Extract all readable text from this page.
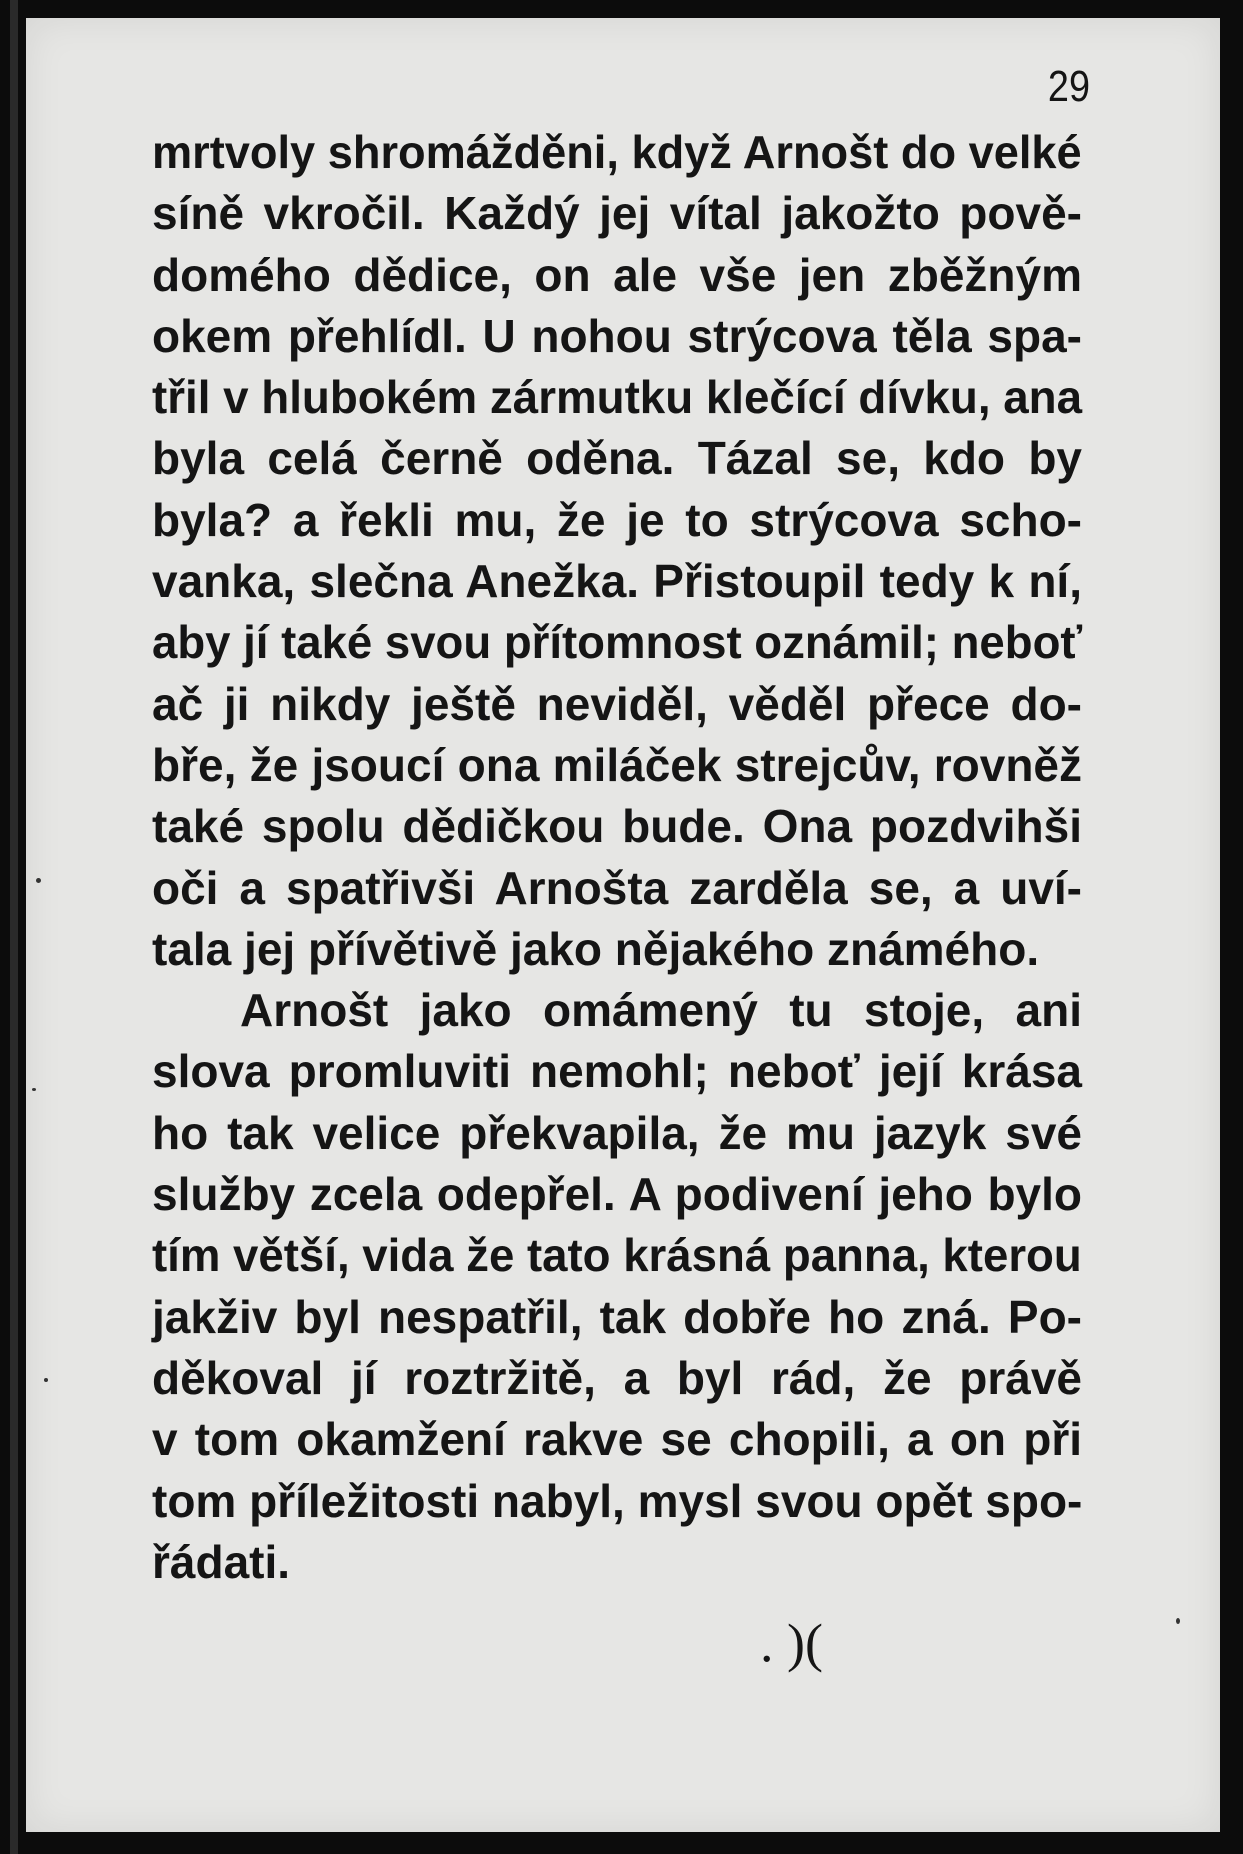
29
mrtvoly shromážděni, když Arnošt do velké
síně vkročil. Každý jej vítal jakožto pově-
domého dědice, on ale vše jen zběžným
okem přehlídl. U nohou strýcova těla spa-
třil v hlubokém zármutku klečící dívku, ana
byla celá černě oděna. Tázal se, kdo by
byla? a řekli mu, že je to strýcova scho-
vanka, slečna Anežka. Přistoupil tedy k ní,
aby jí také svou přítomnost oznámil; neboť
ač ji nikdy ještě neviděl, věděl přece do-
bře, že jsoucí ona miláček strejcův, rovněž
také spolu dědičkou bude. Ona pozdvihši
oči a spatřivši Arnošta zarděla se, a uví-
tala jej přívětivě jako nějakého známého.
Arnošt jako omámený tu stoje, ani
slova promluviti nemohl; neboť její krása
ho tak velice překvapila, že mu jazyk své
služby zcela odepřel. A podivení jeho bylo
tím větší, vida že tato krásná panna, kterou
jakživ byl nespatřil, tak dobře ho zná. Po-
děkoval jí roztržitě, a byl rád, že právě
v tom okamžení rakve se chopili, a on při
tom příležitosti nabyl, mysl svou opět spo-
řádati.
. )(
